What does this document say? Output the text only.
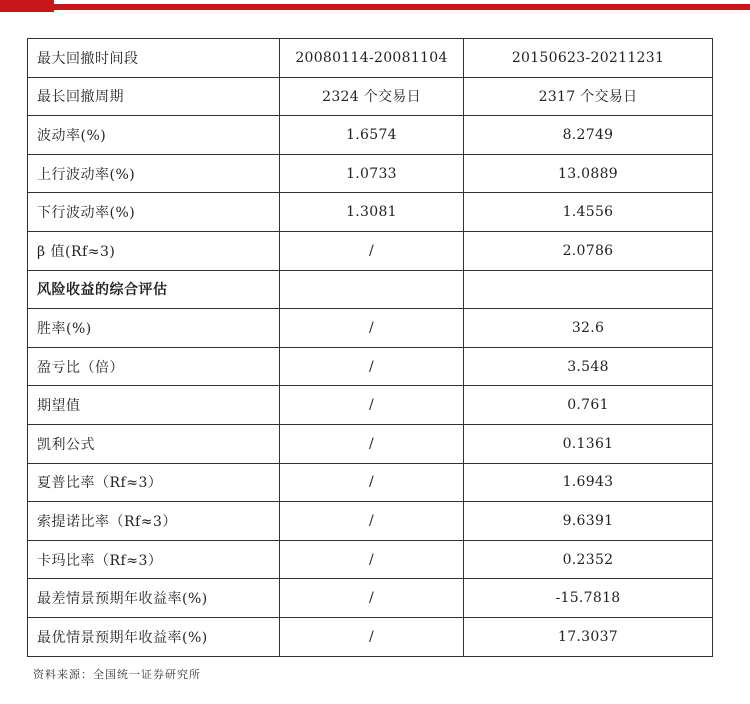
最大回撤时间段	20080114-20081104	20150623-20211231
最长回撤周期	2324 个交易日	2317 个交易日
波动率(%)	1.6574	8.2749
上行波动率(%)	1.0733	13.0889
下行波动率(%)	1.3081	1.4556
β 值(Rf≈3)	/	2.0786
风险收益的综合评估		
胜率(%)	/	32.6
盈亏比（倍）	/	3.548
期望值	/	0.761
凯利公式	/	0.1361
夏普比率（Rf≈3）	/	1.6943
索提诺比率（Rf≈3）	/	9.6391
卡玛比率（Rf≈3）	/	0.2352
最差情景预期年收益率(%)	/	-15.7818
最优情景预期年收益率(%)	/	17.3037
资料来源：全国统一证券研究所
